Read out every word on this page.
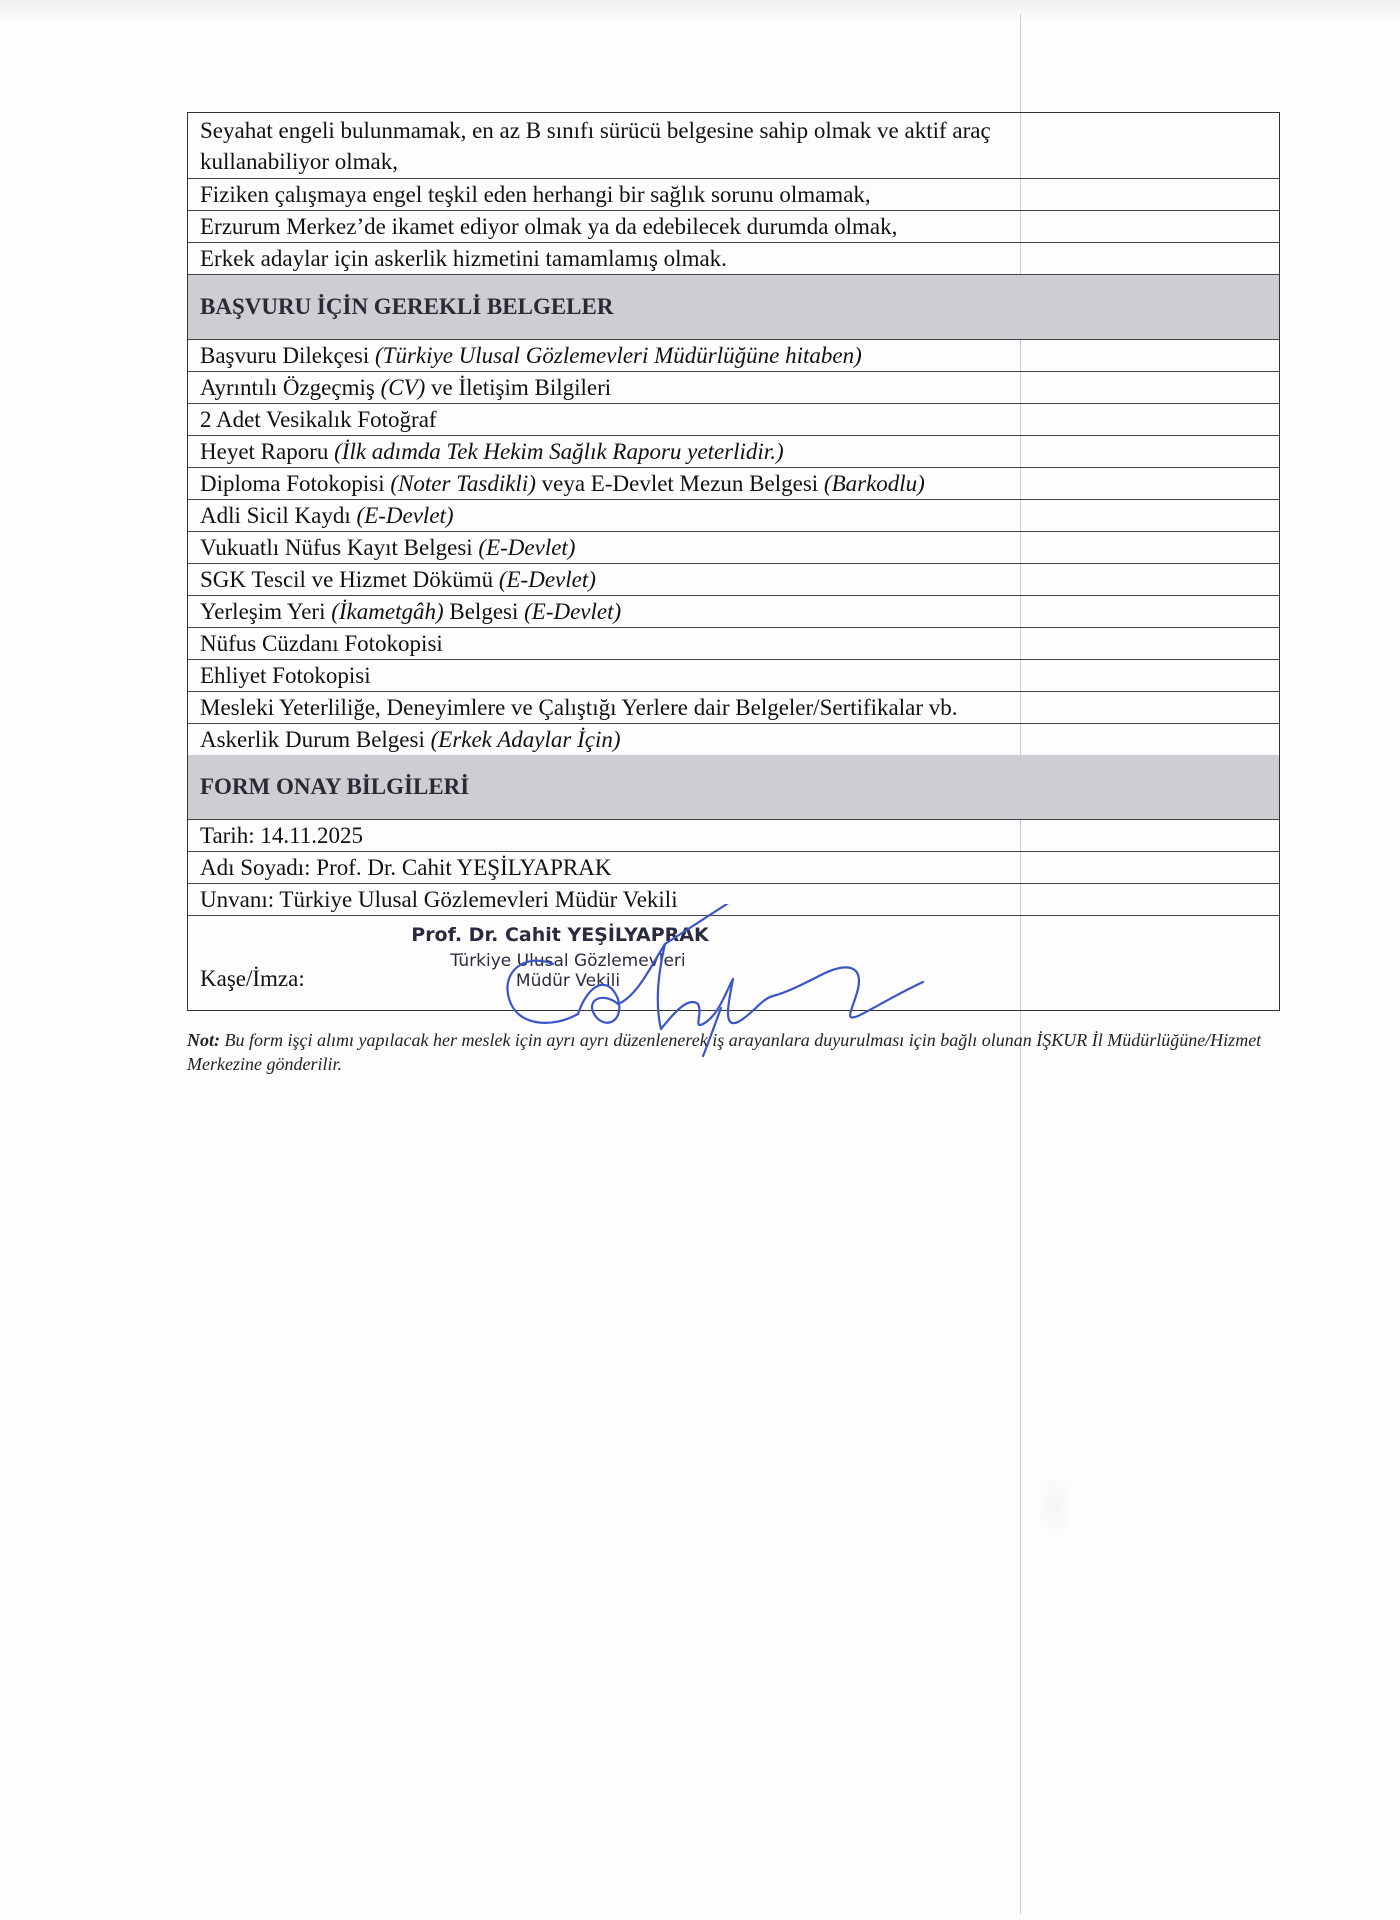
Seyahat engeli bulunmamak, en az B sınıfı sürücü belgesine sahip olmak ve aktif araç
kullanabiliyor olmak,
Fiziken çalışmaya engel teşkil eden herhangi bir sağlık sorunu olmamak,
Erzurum Merkez’de ikamet ediyor olmak ya da edebilecek durumda olmak,
Erkek adaylar için askerlik hizmetini tamamlamış olmak.
BAŞVURU İÇİN GEREKLİ BELGELER
Başvuru Dilekçesi (Türkiye Ulusal Gözlemevleri Müdürlüğüne hitaben)
Ayrıntılı Özgeçmiş (CV) ve İletişim Bilgileri
2 Adet Vesikalık Fotoğraf
Heyet Raporu (İlk adımda Tek Hekim Sağlık Raporu yeterlidir.)
Diploma Fotokopisi (Noter Tasdikli) veya E-Devlet Mezun Belgesi (Barkodlu)
Adli Sicil Kaydı (E-Devlet)
Vukuatlı Nüfus Kayıt Belgesi (E-Devlet)
SGK Tescil ve Hizmet Dökümü (E-Devlet)
Yerleşim Yeri (İkametgâh) Belgesi (E-Devlet)
Nüfus Cüzdanı Fotokopisi
Ehliyet Fotokopisi
Mesleki Yeterliliğe, Deneyimlere ve Çalıştığı Yerlere dair Belgeler/Sertifikalar vb.
Askerlik Durum Belgesi (Erkek Adaylar İçin)
FORM ONAY BİLGİLERİ
Tarih: 14.11.2025
Adı Soyadı: Prof. Dr. Cahit YEŞİLYAPRAK
Unvanı: Türkiye Ulusal Gözlemevleri Müdür Vekili
Kaşe/İmza:
Prof. Dr. Cahit YEŞİLYAPRAK
Türkiye Ulusal Gözlemevleri
Müdür Vekili
Not: Bu form işçi alımı yapılacak her meslek için ayrı ayrı düzenlenerek iş arayanlara duyurulması için bağlı olunan İŞKUR İl Müdürlüğüne/Hizmet Merkezine gönderilir.
